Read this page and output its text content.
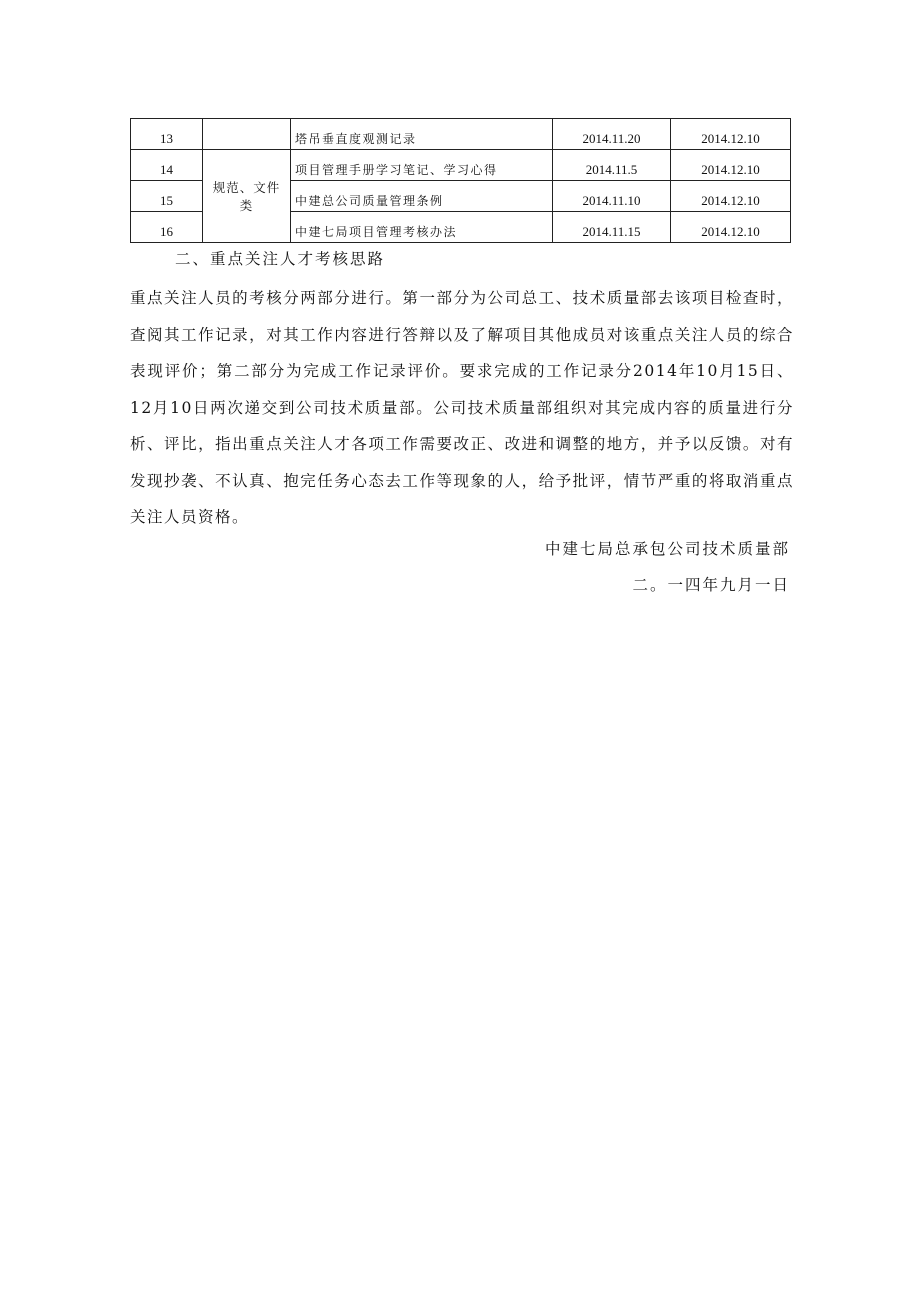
13		塔吊垂直度观测记录	2014.11.20	2014.12.10
14	规范、文件类	项目管理手册学习笔记、学习心得	2014.11.5	2014.12.10
15		中建总公司质量管理条例	2014.11.10	2014.12.10
16		中建七局项目管理考核办法	2014.11.15	2014.12.10
二、重点关注人才考核思路

重点关注人员的考核分两部分进行。第一部分为公司总工、技术质量部去该项目检查时，查阅其工作记录，对其工作内容进行答辩以及了解项目其他成员对该重点关注人员的综合表现评价；第二部分为完成工作记录评价。要求完成的工作记录分2014年10月15日、12月10日两次递交到公司技术质量部。公司技术质量部组织对其完成内容的质量进行分析、评比，指出重点关注人才各项工作需要改正、改进和调整的地方，并予以反馈。对有发现抄袭、不认真、抱完任务心态去工作等现象的人，给予批评，情节严重的将取消重点关注人员资格。

中建七局总承包公司技术质量部
二。一四年九月一日
